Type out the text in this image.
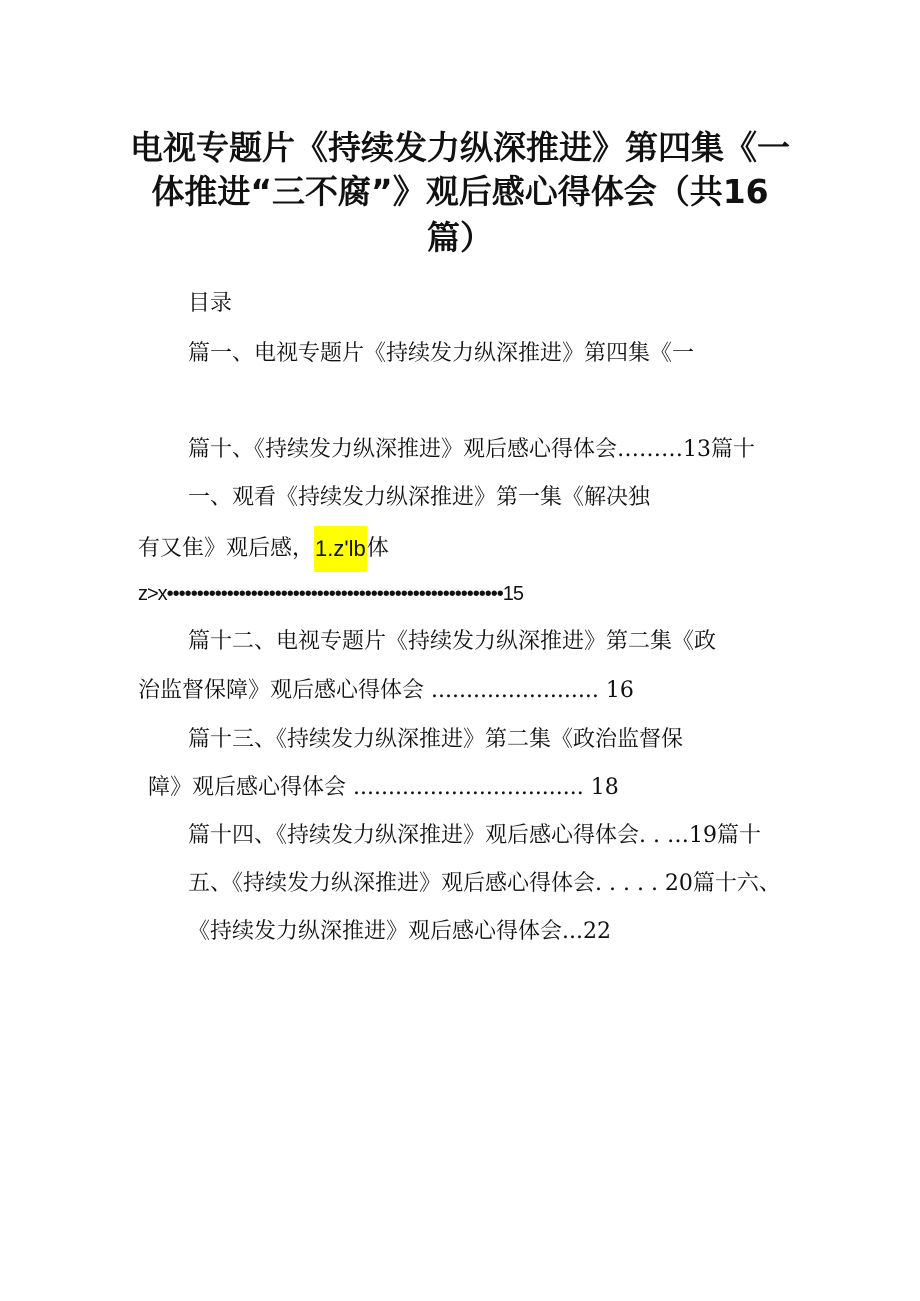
电视专题片《持续发力纵深推进》第四集《一
体推进“三不腐”》观后感心得体会（共16
篇）
目录
篇一、电视专题片《持续发力纵深推进》第四集《一
篇十、《持续发力纵深推进》观后感心得体会………13篇十
一、观看《持续发力纵深推进》第一集《解决独
有又隹》观后感，1.z'lb体
z>x••••••••••••••••••••••••••••••••••••••••••••••••••••••••15
篇十二、电视专题片《持续发力纵深推进》第二集《政
治监督保障》观后感心得体会 ........................ 16
篇十三、《持续发力纵深推进》第二集《政治监督保
障》观后感心得体会 ................................. 18
篇十四、《持续发力纵深推进》观后感心得体会. . …19篇十
五、《持续发力纵深推进》观后感心得体会. . . . . 20篇十六、
《持续发力纵深推进》观后感心得体会...22
